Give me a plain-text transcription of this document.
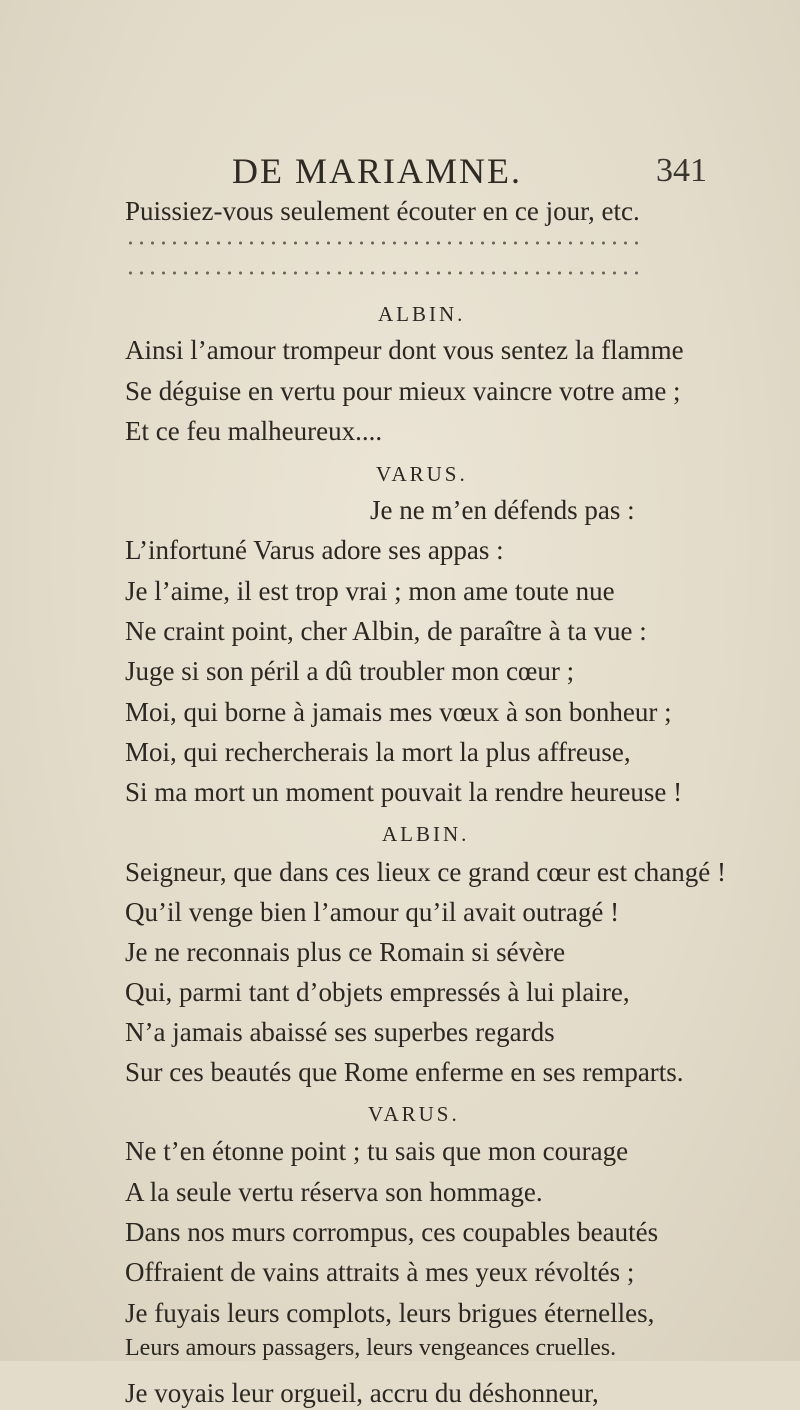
DE MARIAMNE.	341
Puissiez-vous seulement écouter en ce jour, etc.
ALBIN.
Ainsi l’amour trompeur dont vous sentez la flamme
Se déguise en vertu pour mieux vaincre votre ame ;
Et ce feu malheureux....
VARUS.
Je ne m’en défends pas :
L’infortuné Varus adore ses appas :
Je l’aime, il est trop vrai ; mon ame toute nue
Ne craint point, cher Albin, de paraître à ta vue :
Juge si son péril a dû troubler mon cœur ;
Moi, qui borne à jamais mes vœux à son bonheur ;
Moi, qui rechercherais la mort la plus affreuse,
Si ma mort un moment pouvait la rendre heureuse !
ALBIN.
Seigneur, que dans ces lieux ce grand cœur est changé !
Qu’il venge bien l’amour qu’il avait outragé !
Je ne reconnais plus ce Romain si sévère
Qui, parmi tant d’objets empressés à lui plaire,
N’a jamais abaissé ses superbes regards
Sur ces beautés que Rome enferme en ses remparts.
VARUS.
Ne t’en étonne point ; tu sais que mon courage
A la seule vertu réserva son hommage.
Dans nos murs corrompus, ces coupables beautés
Offraient de vains attraits à mes yeux révoltés ;
Je fuyais leurs complots, leurs brigues éternelles,
Leurs amours passagers, leurs vengeances cruelles.
Je voyais leur orgueil, accru du déshonneur,
